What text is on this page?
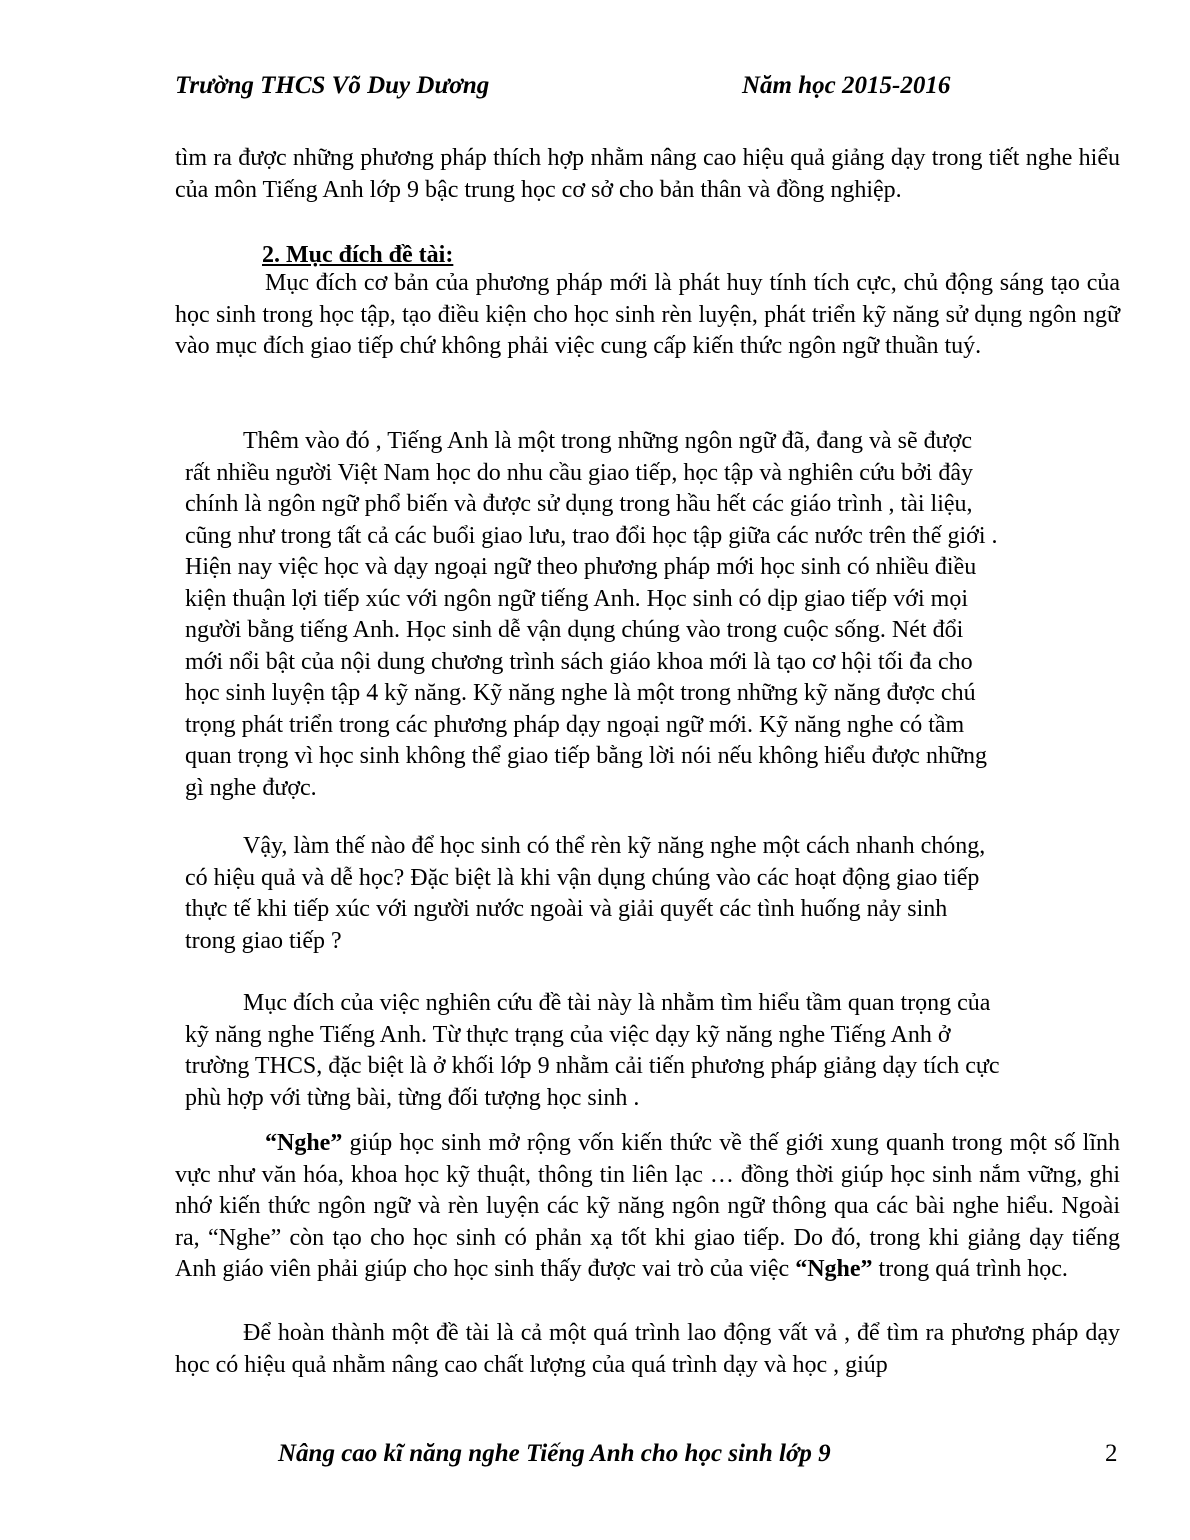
Trường THCS Võ Duy Dương	Năm học 2015-2016

tìm ra được những phương pháp thích hợp nhằm nâng cao hiệu quả giảng dạy trong tiết nghe hiểu của môn Tiếng Anh lớp 9 bậc trung học cơ sở cho bản thân và đồng nghiệp.

2. Mục đích đề tài:

Mục đích cơ bản của phương pháp mới là phát huy tính tích cực, chủ động sáng tạo của học sinh trong học tập, tạo điều kiện cho học sinh rèn luyện, phát triển kỹ năng sử dụng ngôn ngữ vào mục đích giao tiếp chứ không phải việc cung cấp kiến thức ngôn ngữ thuần tuý.

Thêm vào đó , Tiếng Anh là một trong những ngôn ngữ đã, đang và sẽ được
rất nhiều người Việt Nam học do nhu cầu giao tiếp, học tập và nghiên cứu bởi đây
chính là ngôn ngữ phổ biến và được sử dụng trong hầu hết các giáo trình , tài liệu,
cũng như trong tất cả các buổi giao lưu, trao đổi học tập giữa các nước trên thế giới .
Hiện nay việc học và dạy ngoại ngữ theo phương pháp mới học sinh có nhiều điều
kiện thuận lợi tiếp xúc với ngôn ngữ tiếng Anh. Học sinh có dịp giao tiếp với mọi
người bằng tiếng Anh. Học sinh dễ vận dụng chúng vào trong cuộc sống. Nét đổi
mới nổi bật của nội dung chương trình sách giáo khoa mới là tạo cơ hội tối đa cho
học sinh luyện tập 4 kỹ năng. Kỹ năng nghe là một trong những kỹ năng được chú
trọng phát triển trong các phương pháp dạy ngoại ngữ mới. Kỹ năng nghe có tầm
quan trọng vì học sinh không thể giao tiếp bằng lời nói nếu không hiểu được những
gì nghe được.
Vậy, làm thế nào để học sinh có thể rèn kỹ năng nghe một cách nhanh chóng,
có hiệu quả và dễ học? Đặc biệt là khi vận dụng chúng vào các hoạt động giao tiếp
thực tế khi tiếp xúc với người nước ngoài và giải quyết các tình huống nảy sinh
trong giao tiếp ?
Mục đích của việc nghiên cứu đề tài này là nhằm tìm hiểu tầm quan trọng của
kỹ năng nghe Tiếng Anh. Từ thực trạng của việc dạy kỹ năng nghe Tiếng Anh ở
trường THCS, đặc biệt là ở khối lớp 9 nhằm cải tiến phương pháp giảng dạy tích cực
phù hợp với từng bài, từng đối tượng học sinh .

“Nghe” giúp học sinh mở rộng vốn kiến thức về thế giới xung quanh trong một số lĩnh vực như văn hóa, khoa học kỹ thuật, thông tin liên lạc … đồng thời giúp học sinh nắm vững, ghi nhớ kiến thức ngôn ngữ và rèn luyện các kỹ năng ngôn ngữ thông qua các bài nghe hiểu. Ngoài ra, “Nghe” còn tạo cho học sinh có phản xạ tốt khi giao tiếp. Do đó, trong khi giảng dạy tiếng Anh giáo viên phải giúp cho học sinh thấy được vai trò của việc “Nghe” trong quá trình học.

Để hoàn thành một đề tài là cả một quá trình lao động vất vả , để tìm ra phương pháp dạy học có hiệu quả nhằm nâng cao chất lượng của quá trình dạy và học , giúp

Nâng cao kĩ năng nghe Tiếng Anh cho học sinh lớp 9	2
